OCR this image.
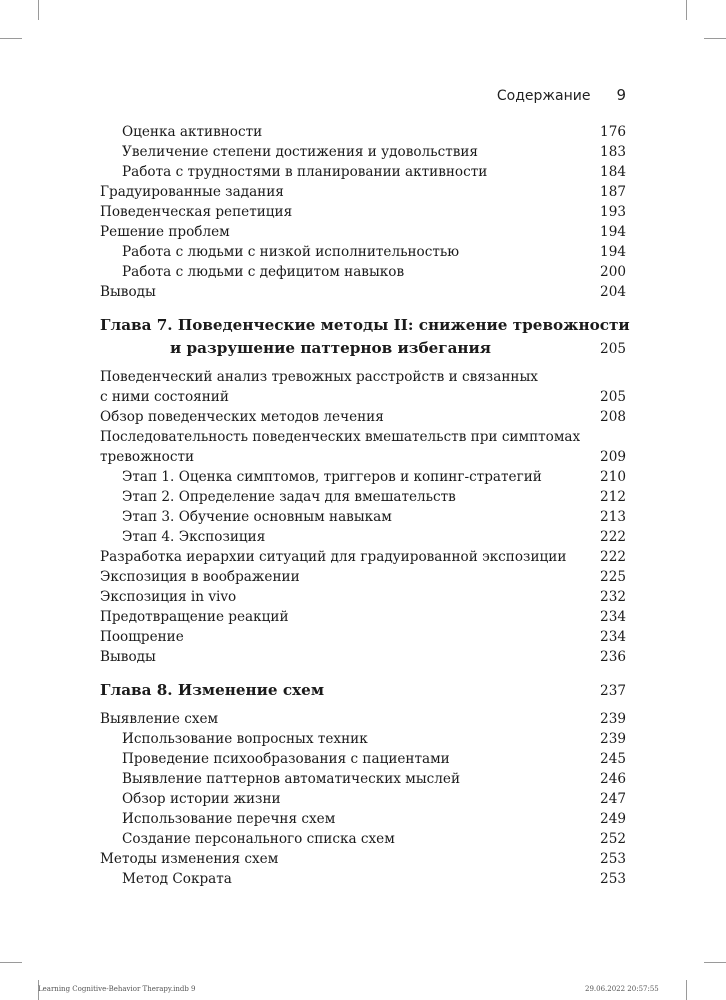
Содержание 9
Оценка активности	176
Увеличение степени достижения и удовольствия	183
Работа с трудностями в планировании активности	184
Градуированные задания	187
Поведенческая репетиция	193
Решение проблем	194
Работа с людьми с низкой исполнительностью	194
Работа с людьми с дефицитом навыков	200
Выводы	204
Глава 7. Поведенческие методы II: снижение тревожности
и разрушение паттернов избегания	205
Поведенческий анализ тревожных расстройств и связанных
с ними состояний	205
Обзор поведенческих методов лечения	208
Последовательность поведенческих вмешательств при симптомах
тревожности	209
Этап 1. Оценка симптомов, триггеров и копинг-стратегий	210
Этап 2. Определение задач для вмешательств	212
Этап 3. Обучение основным навыкам	213
Этап 4. Экспозиция	222
Разработка иерархии ситуаций для градуированной экспозиции 222
Экспозиция в воображении	225
Экспозиция in vivo	232
Предотвращение реакций	234
Поощрение	234
Выводы	236
Глава 8. Изменение схем	237
Выявление схем	239
Использование вопросных техник	239
Проведение психообразования с пациентами	245
Выявление паттернов автоматических мыслей	246
Обзор истории жизни	247
Использование перечня схем	249
Создание персонального списка схем	252
Методы изменения схем	253
Метод Сократа	253
Learning Cognitive-Behavior Therapy.indb 9	29.06.2022 20:57:55
